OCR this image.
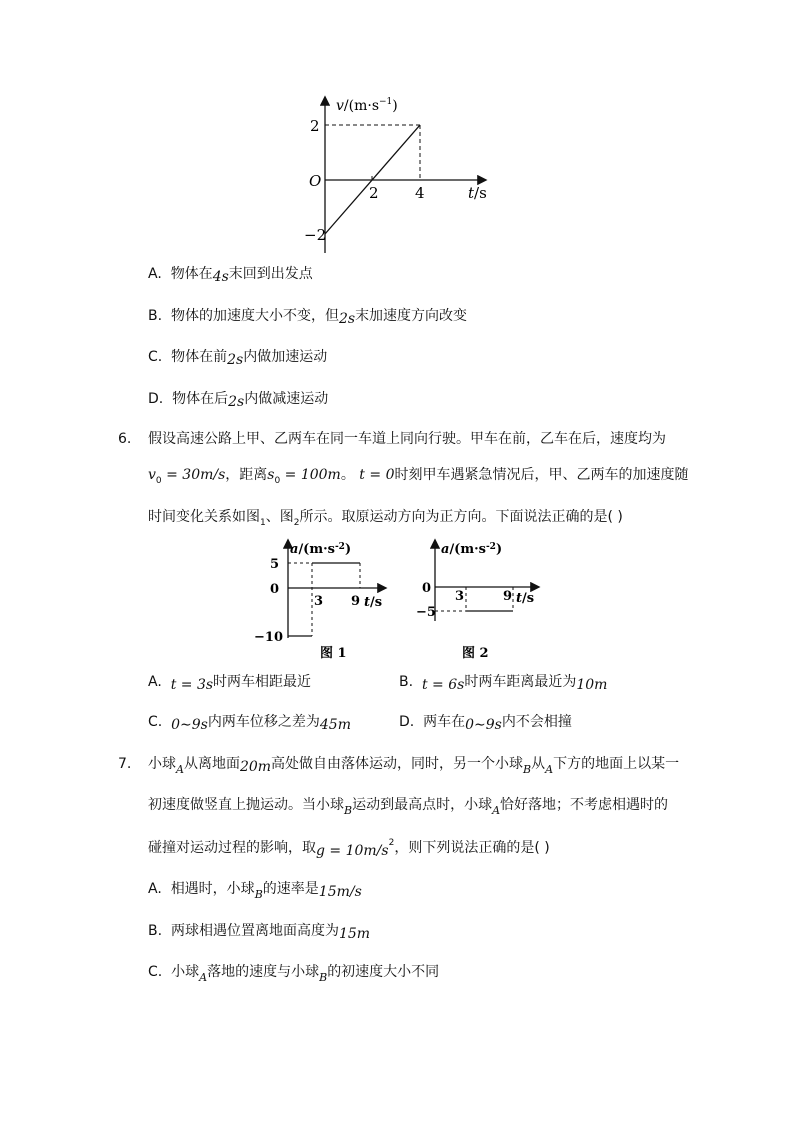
$v/(m\cdot s^{-1})$
2
O
−2
2 4	t/s
A. 物体在4s末回到出发点
B. 物体的加速度大小不变，但2s末加速度方向改变
C. 物体在前2s内做加速运动
D. 物体在后2s内做减速运动
6. 假设高速公路上甲、乙两车在同一车道上同向行驶。甲车在前，乙车在后，速度均为
$v_0 = 30m/s$，距离$s_0 = 100m$。 t = 0时刻甲车遇紧急情况后，甲、乙两车的加速度随
时间变化关系如图$_1$、图$_2$所示。取原运动方向为正方向。下面说法正确的是( )
$a/(m\cdot s^{-2})$
5
0
−10
3 9 t/s
图 1
$a/(m\cdot s^{-2})$
0
−5
3	9 t/s
图 2
A. t = 3s时两车相距最近	B. t = 6s时两车距离最近为10m
C. 0∼9s内两车位移之差为45m	D. 两车在0∼9s内不会相撞
7. 小球$_A$从离地面20m高处做自由落体运动，同时，另一个小球$_B$从$_A$下方的地面上以某一
初速度做竖直上抛运动。当小球$_B$运动到最高点时，小球$_A$恰好落地；不考虑相遇时的
碰撞对运动过程的影响，取$g = 10m/s^2$，则下列说法正确的是( )
A. 相遇时，小球$_B$的速率是15m/s
B. 两球相遇位置离地面高度为15m
C. 小球$_A$落地的速度与小球$_B$的初速度大小不同
